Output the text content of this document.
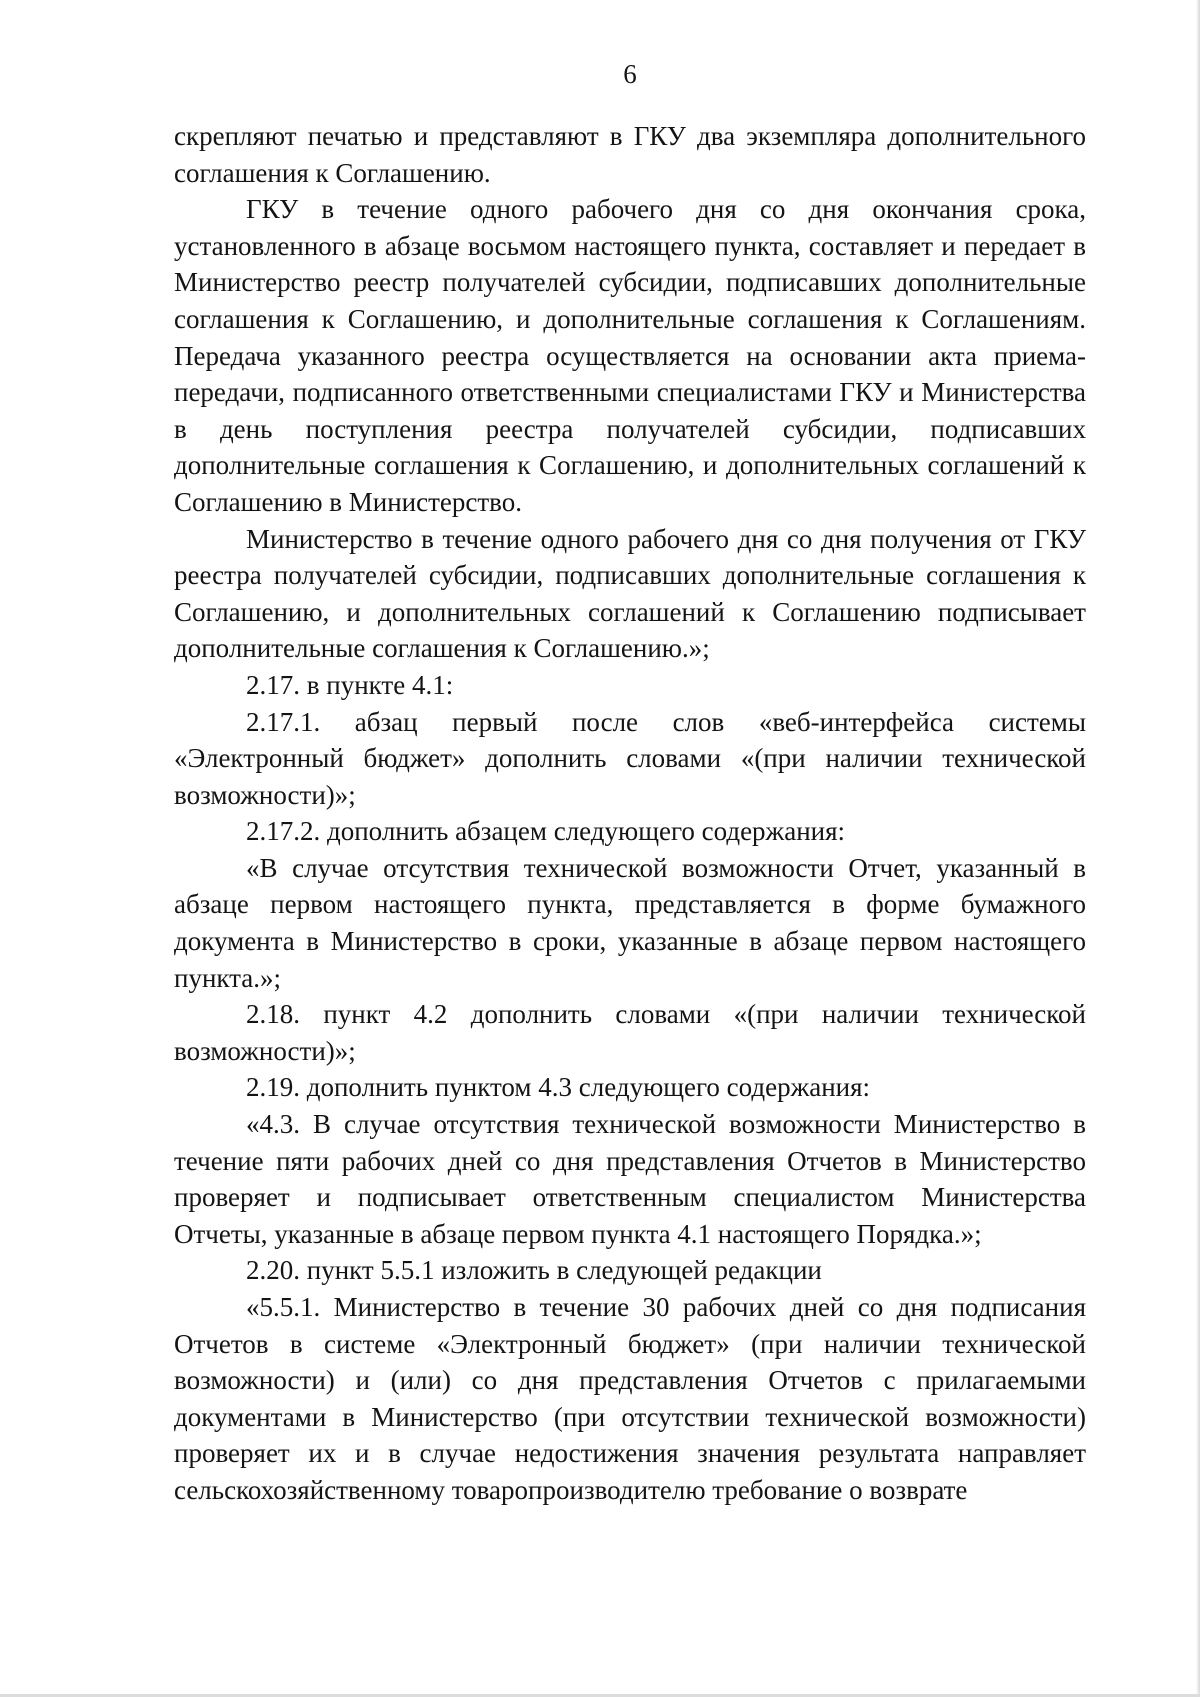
6

скрепляют печатью и представляют в ГКУ два экземпляра дополнительного соглашения к Соглашению.

ГКУ в течение одного рабочего дня со дня окончания срока, установленного в абзаце восьмом настоящего пункта, составляет и передает в Министерство реестр получателей субсидии, подписавших дополнительные соглашения к Соглашению, и дополнительные соглашения к Соглашениям. Передача указанного реестра осуществляется на основании акта приема-передачи, подписанного ответственными специалистами ГКУ и Министерства в день поступления реестра получателей субсидии, подписавших дополнительные соглашения к Соглашению, и дополнительных соглашений к Соглашению в Министерство.

Министерство в течение одного рабочего дня со дня получения от ГКУ реестра получателей субсидии, подписавших дополнительные соглашения к Соглашению, и дополнительных соглашений к Соглашению подписывает дополнительные соглашения к Соглашению.»;

2.17. в пункте 4.1:

2.17.1. абзац первый после слов «веб-интерфейса системы «Электронный бюджет» дополнить словами «(при наличии технической возможности)»;

2.17.2. дополнить абзацем следующего содержания:

«В случае отсутствия технической возможности Отчет, указанный в абзаце первом настоящего пункта, представляется в форме бумажного документа в Министерство в сроки, указанные в абзаце первом настоящего пункта.»;

2.18. пункт 4.2 дополнить словами «(при наличии технической возможности)»;

2.19. дополнить пунктом 4.3 следующего содержания:

«4.3. В случае отсутствия технической возможности Министерство в течение пяти рабочих дней со дня представления Отчетов в Министерство проверяет и подписывает ответственным специалистом Министерства Отчеты, указанные в абзаце первом пункта 4.1 настоящего Порядка.»;

2.20. пункт 5.5.1 изложить в следующей редакции

«5.5.1. Министерство в течение 30 рабочих дней со дня подписания Отчетов в системе «Электронный бюджет» (при наличии технической возможности) и (или) со дня представления Отчетов с прилагаемыми документами в Министерство (при отсутствии технической возможности) проверяет их и в случае недостижения значения результата направляет сельскохозяйственному товаропроизводителю требование о возврате
